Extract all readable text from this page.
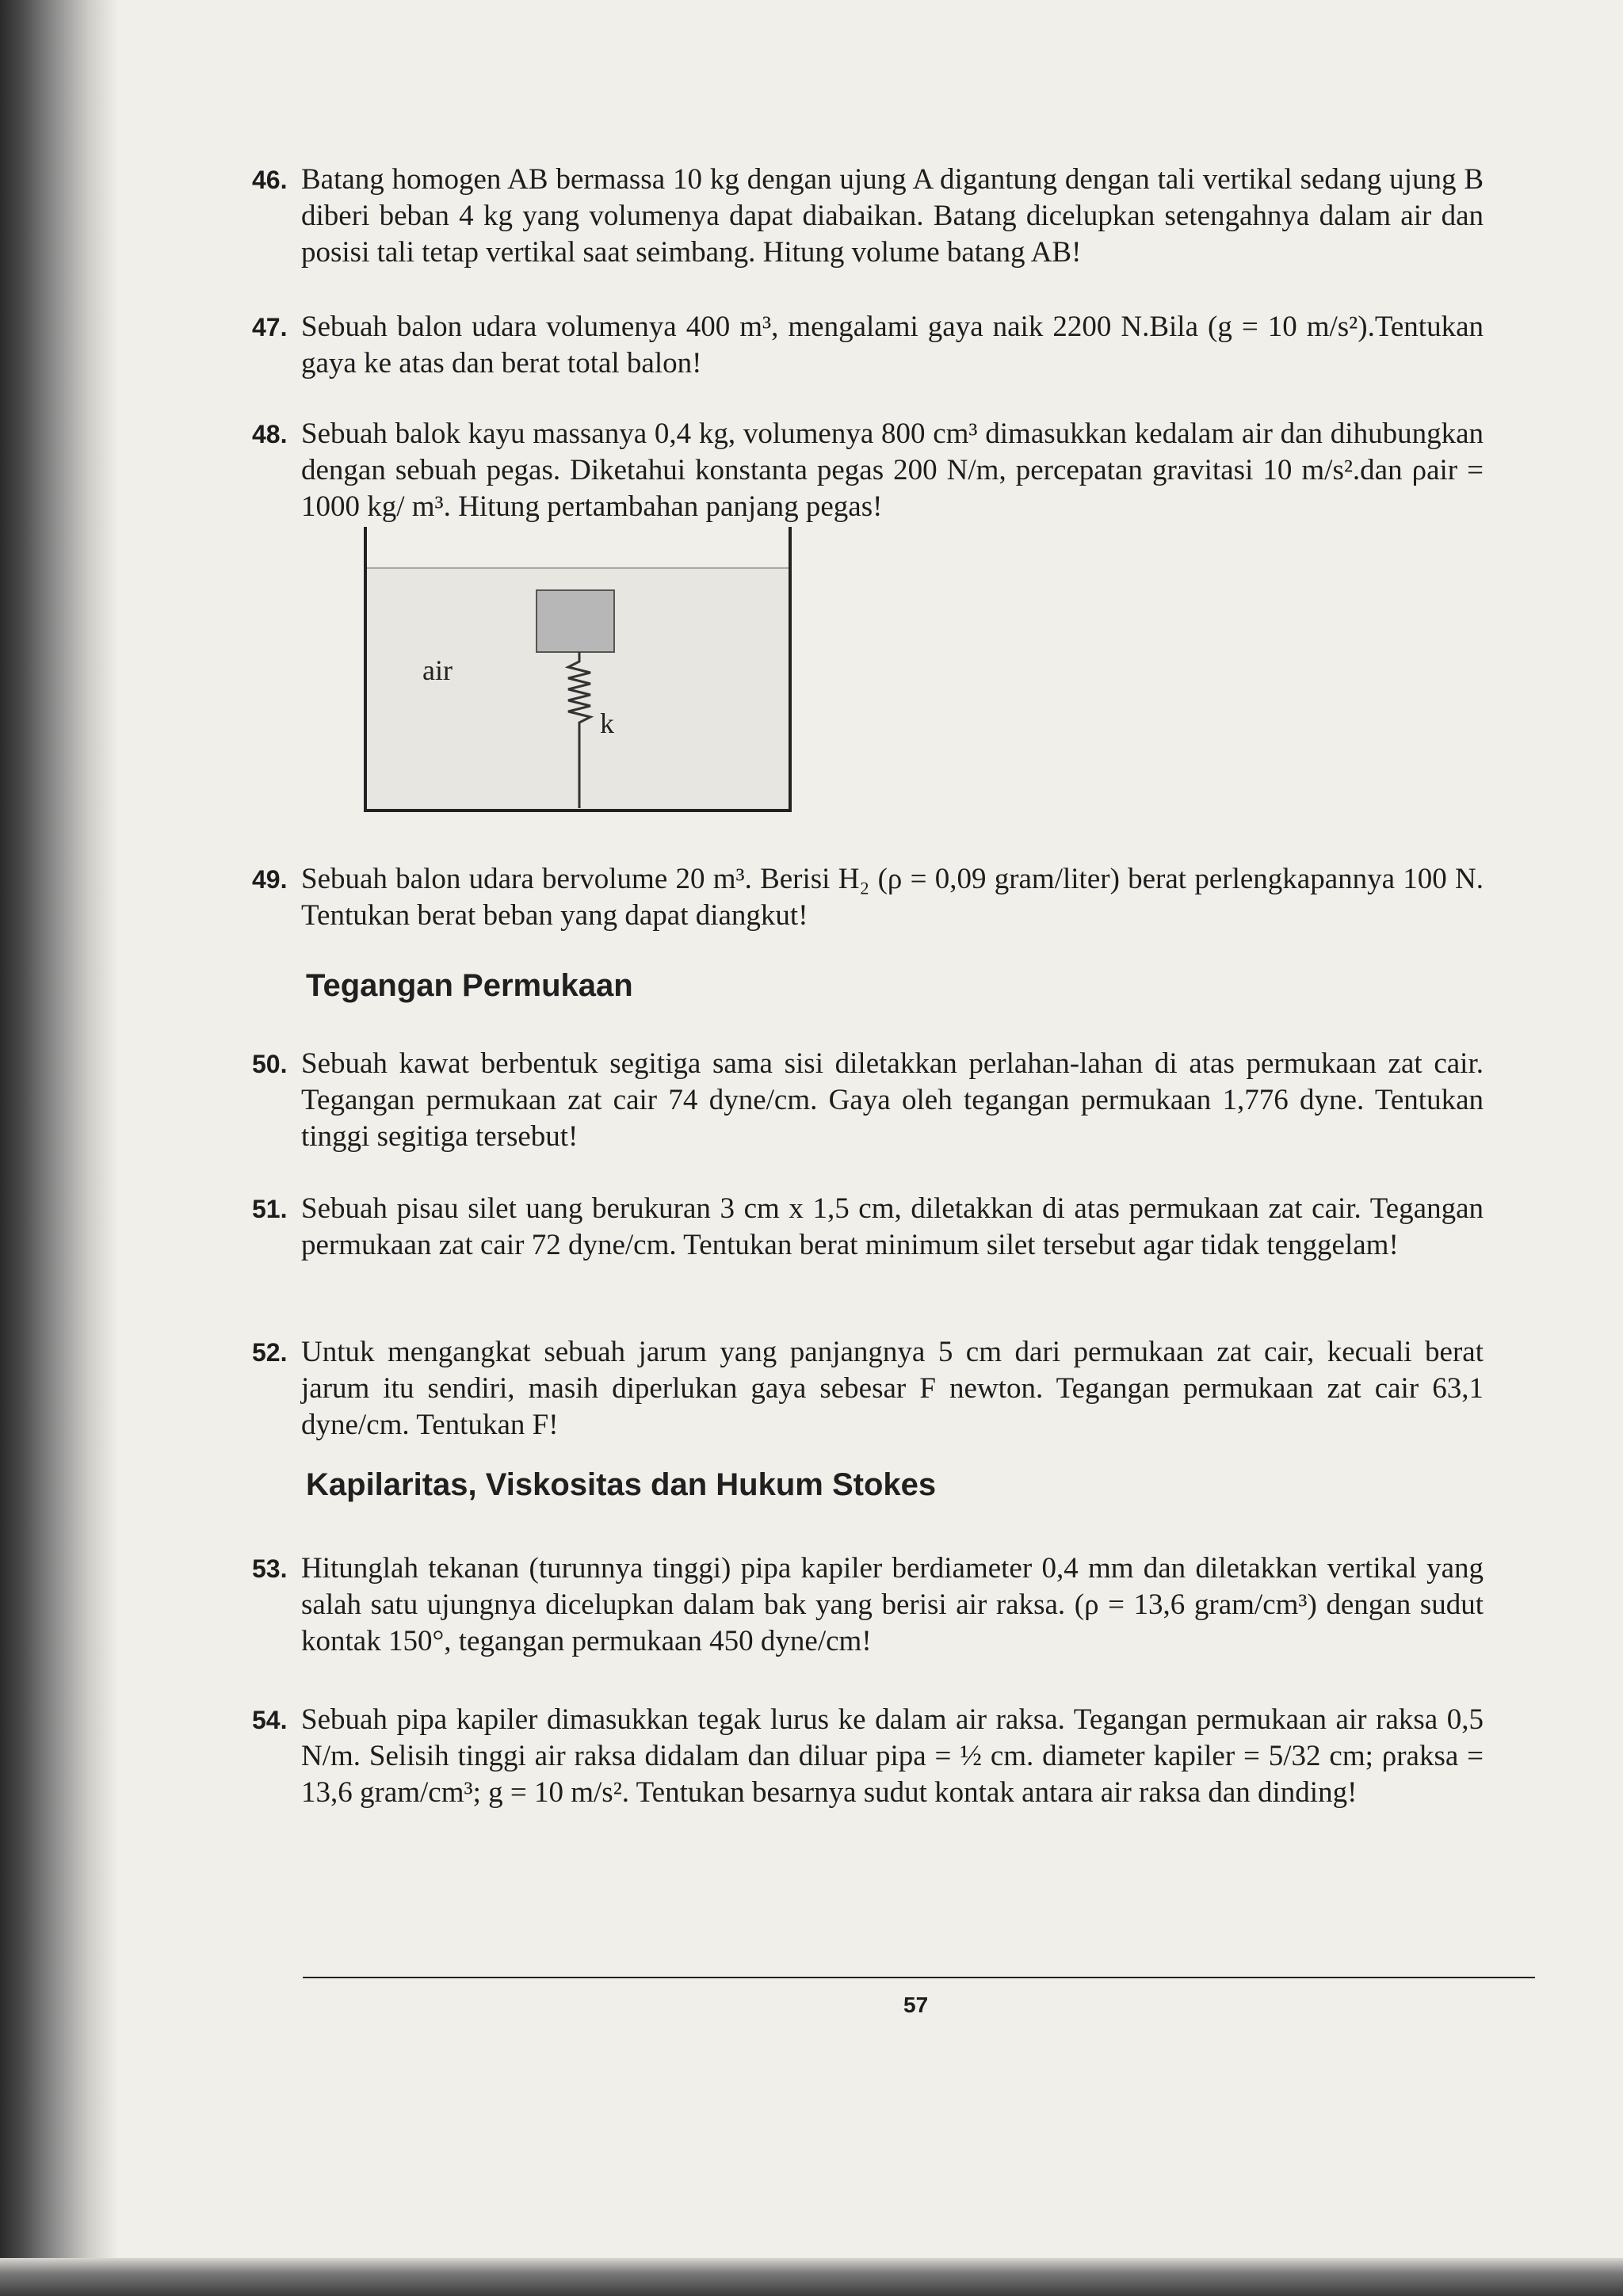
46. Batang homogen AB bermassa 10 kg dengan ujung A digantung dengan tali vertikal sedang ujung B diberi beban 4 kg yang volumenya dapat diabaikan. Batang dicelupkan setengahnya dalam air dan posisi tali tetap vertikal saat seimbang. Hitung volume batang AB!
47. Sebuah balon udara volumenya 400 m³, mengalami gaya naik 2200 N.Bila (g = 10 m/s²).Tentukan gaya ke atas dan berat total balon!
48. Sebuah balok kayu massanya 0,4 kg, volumenya 800 cm³ dimasukkan kedalam air dan dihubungkan dengan sebuah pegas. Diketahui konstanta pegas 200 N/m, percepatan gravitasi 10 m/s².dan ρair = 1000 kg/ m³. Hitung pertambahan panjang pegas!
air
k
49. Sebuah balon udara bervolume 20 m³. Berisi H₂ (ρ = 0,09 gram/liter) berat perlengkapannya 100 N. Tentukan berat beban yang dapat diangkut!
Tegangan Permukaan
50. Sebuah kawat berbentuk segitiga sama sisi diletakkan perlahan-lahan di atas permukaan zat cair. Tegangan permukaan zat cair 74 dyne/cm. Gaya oleh tegangan permukaan 1,776 dyne. Tentukan tinggi segitiga tersebut!
51. Sebuah pisau silet uang berukuran 3 cm x 1,5 cm, diletakkan di atas permukaan zat cair. Tegangan permukaan zat cair 72 dyne/cm. Tentukan berat minimum silet tersebut agar tidak tenggelam!
52. Untuk mengangkat sebuah jarum yang panjangnya 5 cm dari permukaan zat cair, kecuali berat jarum itu sendiri, masih diperlukan gaya sebesar F newton. Tegangan permukaan zat cair 63,1 dyne/cm. Tentukan F!
Kapilaritas, Viskositas dan Hukum Stokes
53. Hitunglah tekanan (turunnya tinggi) pipa kapiler berdiameter 0,4 mm dan diletakkan vertikal yang salah satu ujungnya dicelupkan dalam bak yang berisi air raksa. (ρ = 13,6 gram/cm³) dengan sudut kontak 150°, tegangan permukaan 450 dyne/cm!
54. Sebuah pipa kapiler dimasukkan tegak lurus ke dalam air raksa. Tegangan permukaan air raksa 0,5 N/m. Selisih tinggi air raksa didalam dan diluar pipa = ½ cm. diameter kapiler = 5/32 cm; ρraksa = 13,6 gram/cm³; g = 10 m/s². Tentukan besarnya sudut kontak antara air raksa dan dinding!
57
